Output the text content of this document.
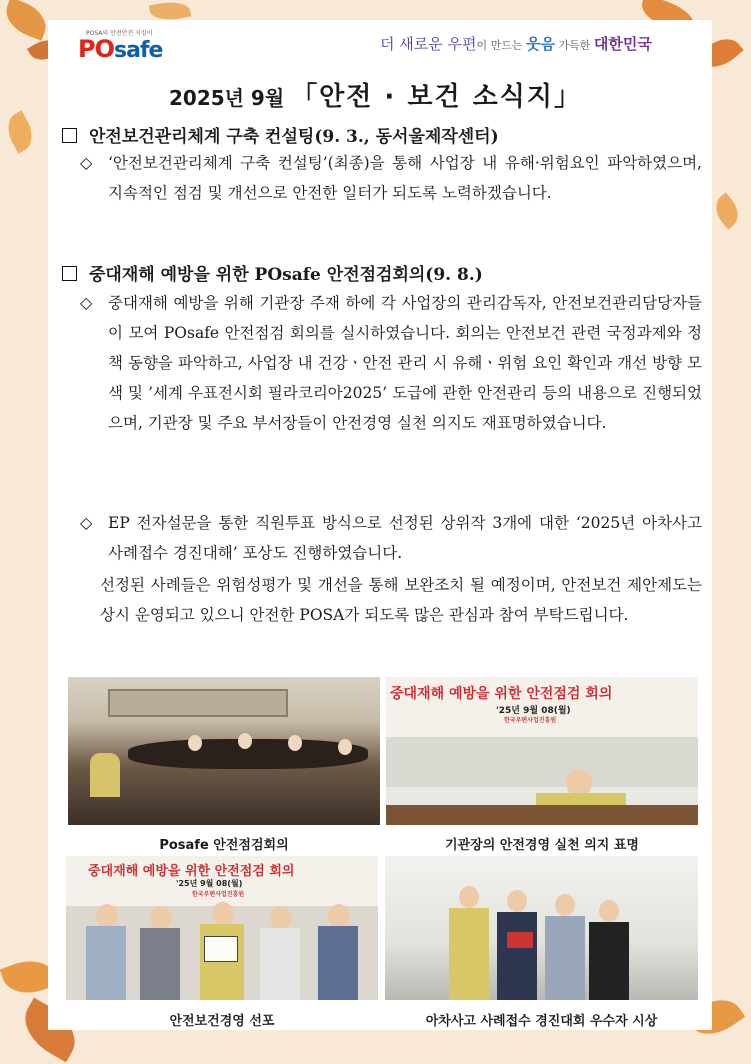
POSA의 안전안전 지킴이
POsafe	더 새로운 우편이 만드는 웃음 가득한 대한민국
2025년 9월 「안전 · 보건 소식지」
안전보건관리체계 구축 컨설팅(9. 3., 동서울제작센터)
◇ ‘안전보건관리체계 구축 컨설팅’(최종)을 통해 사업장 내 유해·위험요인 파악하였으며, 지속적인 점검 및 개선으로 안전한 일터가 되도록 노력하겠습니다.
중대재해 예방을 위한 POsafe 안전점검회의(9. 8.)
◇ 중대재해 예방을 위해 기관장 주재 하에 각 사업장의 관리감독자, 안전보건관리담당자들이 모여 POsafe 안전점검 회의를 실시하였습니다. 회의는 안전보건 관련 국정과제와 정책 동향을 파악하고, 사업장 내 건강ㆍ안전 관리 시 유해ㆍ위험 요인 확인과 개선 방향 모색 및 ’세계 우표전시회 필라코리아2025’ 도급에 관한 안전관리 등의 내용으로 진행되었으며, 기관장 및 주요 부서장들이 안전경영 실천 의지도 재표명하였습니다.
◇ EP 전자설문을 통한 직원투표 방식으로 선정된 상위작 3개에 대한 ‘2025년 아차사고 사례접수 경진대해’ 포상도 진행하였습니다.
선정된 사례들은 위험성평가 및 개선을 통해 보완조치 될 예정이며, 안전보건 제안제도는 상시 운영되고 있으니 안전한 POSA가 되도록 많은 관심과 참여 부탁드립니다.
Posafe 안전점검회의
중대재해 예방을 위한 안전점검 회의
'25년 9월 08(월)
한국우편사업진흥원
기관장의 안전경영 실천 의지 표명
중대재해 예방을 위한 안전점검 회의
'25년 9월 08(월)
한국우편사업진흥원
안전보건경영 선포	아차사고 사례접수 경진대회 우수자 시상
